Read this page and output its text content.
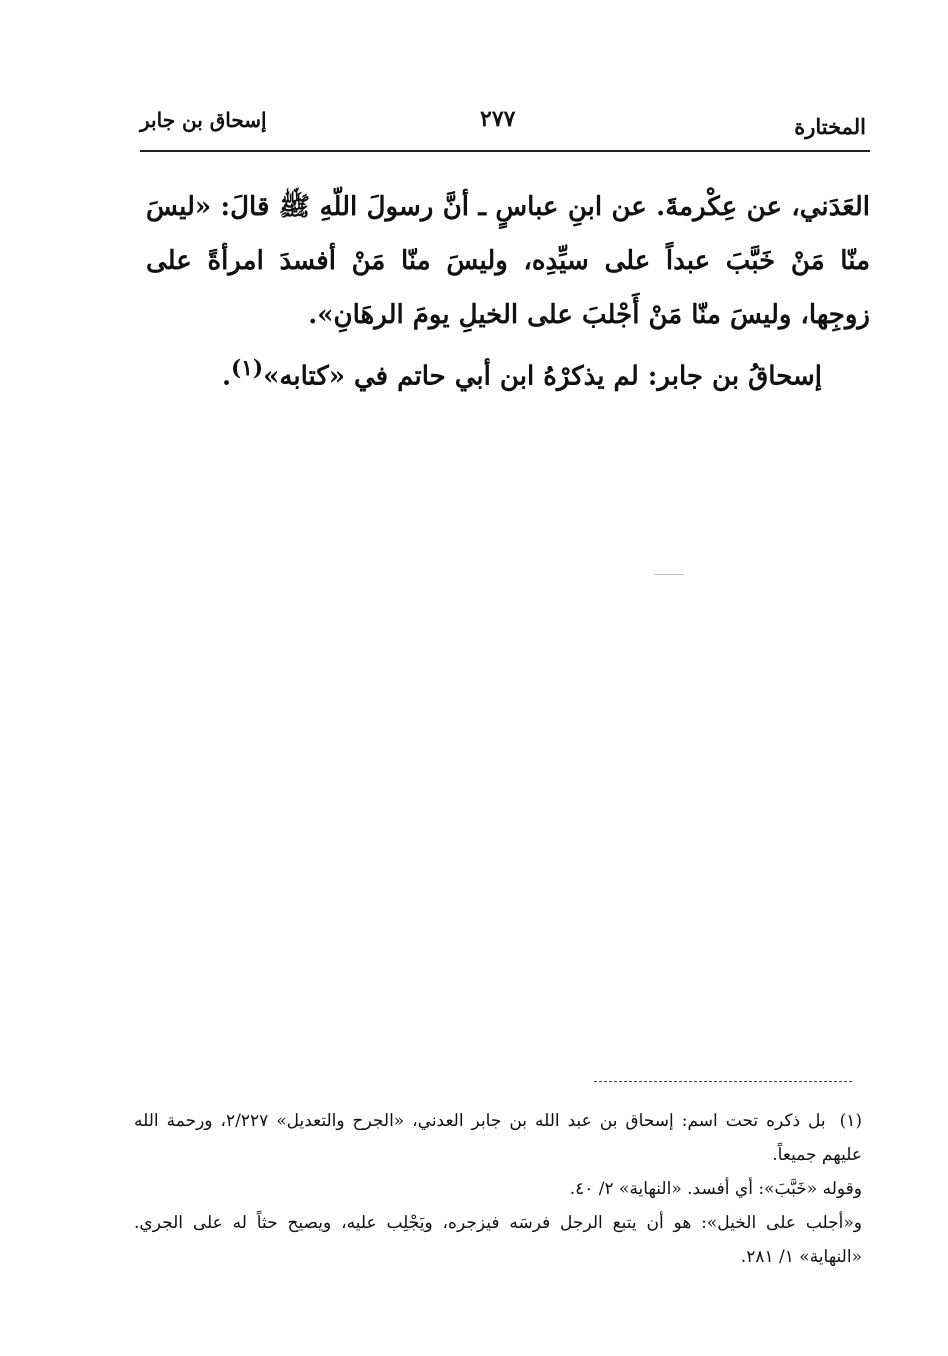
المختارة
٢٧٧
إسحاق بن جابر

العَدَني، عن عِكْرمةَ. عن ابنِ عباسٍ ـ أنَّ رسولَ اللّهِ ﷺ قالَ: «ليسَ منّا مَنْ خَبَّبَ عبداً على سيِّدِه، وليسَ منّا مَنْ أفسدَ امرأةً على زوجِها، وليسَ منّا مَنْ أَجْلبَ على الخيلِ يومَ الرهَانِ».

إسحاقُ بن جابر: لم يذكرْهُ ابن أبي حاتم في «كتابه»$^{(١)}$.

(١) بل ذكره تحت اسم: إسحاق بن عبد الله بن جابر العدني، «الجرح والتعديل» ٢/٢٢٧، ورحمة الله عليهم جميعاً.

وقوله «خَبَّبَ»: أي أفسد. «النهاية» ٢/ ٤٠.

و«أجلب على الخيل»: هو أن يتبع الرجل فرسَه فيزجره، ويَجْلِب عليه، ويصيح حثاً له على الجري. «النهاية» ١/ ٢٨١.
